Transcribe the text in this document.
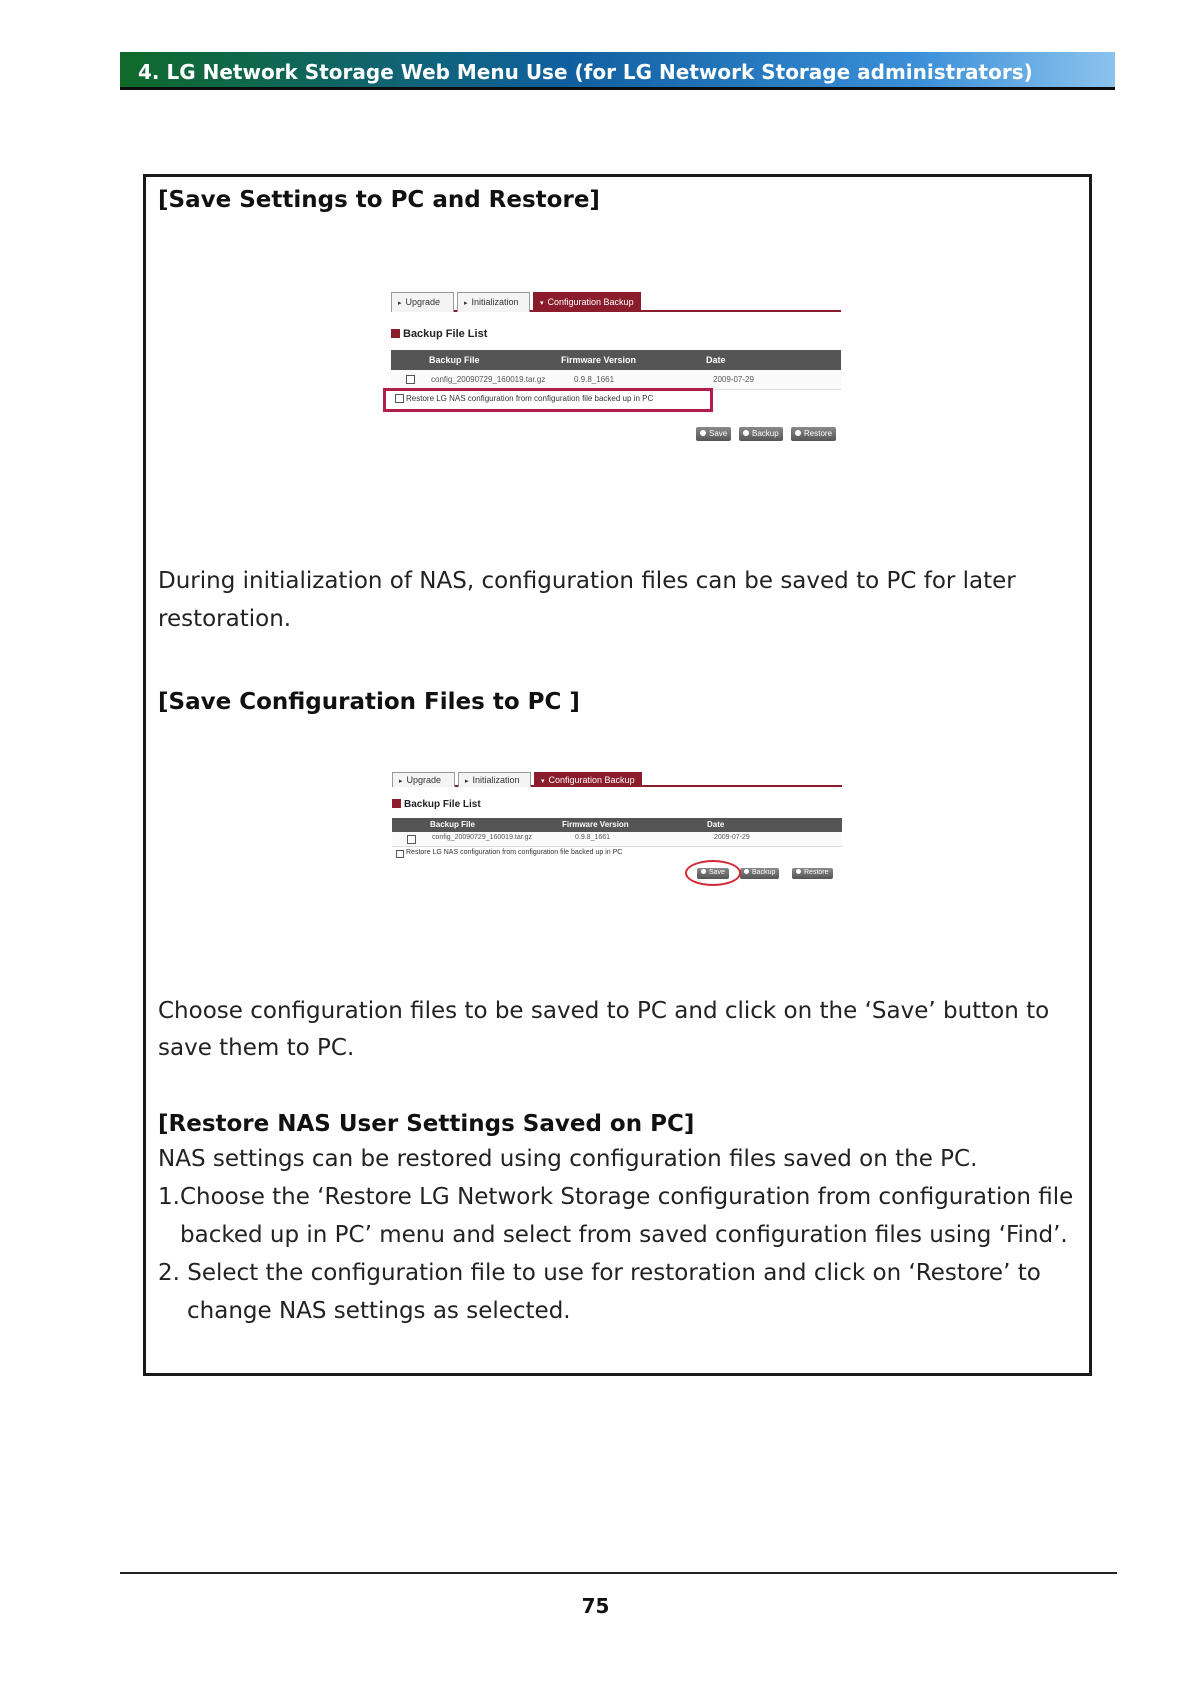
4. LG Network Storage Web Menu Use (for LG Network Storage administrators)
[Save Settings to PC and Restore]
▸ Upgrade	▸ Initialization	▾ Configuration Backup
Backup File List
Backup File	Firmware Version	Date
config_20090729_160019.tar.gz	0.9.8_1661	2009-07-29
Restore LG NAS configuration from configuration file backed up in PC
Save	Backup	Restore
During initialization of NAS, configuration files can be saved to PC for later
restoration.
[Save Configuration Files to PC ]
▸ Upgrade	▸ Initialization	▾ Configuration Backup
Backup File List
Backup File	Firmware Version	Date
config_20090729_160019.tar.gz	0.9.8_1661	2009-07-29
Restore LG NAS configuration from configuration file backed up in PC
Save	Backup	Restore
Choose configuration files to be saved to PC and click on the ‘Save’ button to
save them to PC.
[Restore NAS User Settings Saved on PC]
NAS settings can be restored using configuration files saved on the PC.
1.Choose the ‘Restore LG Network Storage configuration from configuration file
backed up in PC’ menu and select from saved configuration files using ‘Find’.
2. Select the configuration file to use for restoration and click on ‘Restore’ to
change NAS settings as selected.
75
